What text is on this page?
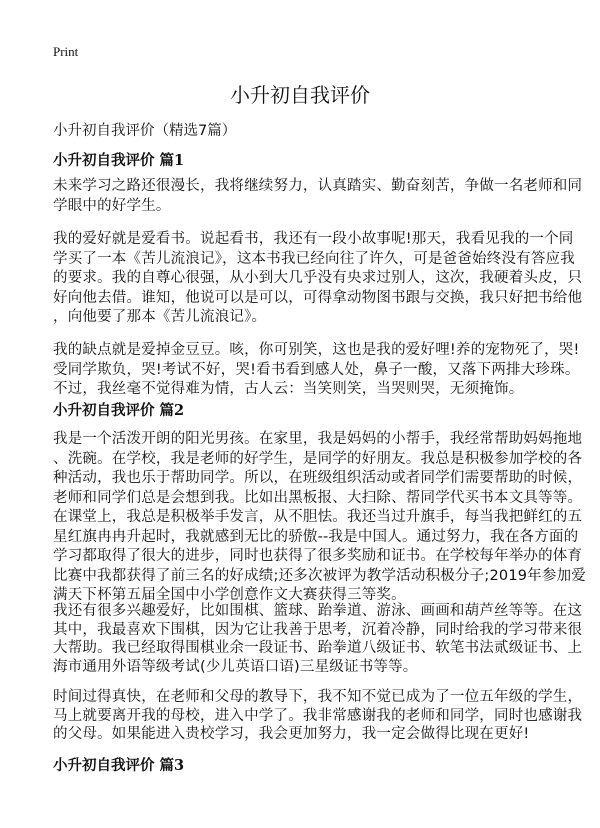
Print
小升初自我评价
小升初自我评价（精选7篇）
小升初自我评价 篇1
未来学习之路还很漫长，我将继续努力，认真踏实、勤奋刻苦，争做一名老师和同
学眼中的好学生。
我的爱好就是爱看书。说起看书，我还有一段小故事呢!那天，我看见我的一个同
学买了一本《苦儿流浪记》，这本书我已经向往了许久，可是爸爸始终没有答应我
的要求。我的自尊心很强，从小到大几乎没有央求过别人，这次，我硬着头皮，只
好向他去借。谁知，他说可以是可以，可得拿动物图书跟与交换，我只好把书给他
，向他要了那本《苦儿流浪记》。
我的缺点就是爱掉金豆豆。咳，你可别笑，这也是我的爱好哩!养的宠物死了，哭!
受同学欺负，哭!考试不好，哭!看书看到感人处，鼻子一酸，又落下两排大珍珠。
不过，我丝毫不觉得难为情，古人云：当笑则笑，当哭则哭，无须掩饰。
小升初自我评价 篇2
我是一个活泼开朗的阳光男孩。在家里，我是妈妈的小帮手，我经常帮助妈妈拖地
、洗碗。在学校，我是老师的好学生，是同学的好朋友。我总是积极参加学校的各
种活动，我也乐于帮助同学。所以，在班级组织活动或者同学们需要帮助的时候，
老师和同学们总是会想到我。比如出黑板报、大扫除、帮同学代买书本文具等等。
在课堂上，我总是积极举手发言，从不胆怯。我还当过升旗手，每当我把鲜红的五
星红旗冉冉升起时，我就感到无比的骄傲--我是中国人。通过努力，我在各方面的
学习都取得了很大的进步，同时也获得了很多奖励和证书。在学校每年举办的体育
比赛中我都获得了前三名的好成绩;还多次被评为教学活动积极分子;2019年参加爱
满天下杯第五届全国中小学创意作文大赛获得三等奖。
我还有很多兴趣爱好，比如围棋、篮球、跆拳道、游泳、画画和葫芦丝等等。在这
其中，我最喜欢下围棋，因为它让我善于思考，沉着冷静，同时给我的学习带来很
大帮助。我已经取得围棋业余一段证书、跆拳道八级证书、软笔书法贰级证书、上
海市通用外语等级考试(少儿英语口语)三星级证书等等。
时间过得真快，在老师和父母的教导下，我不知不觉已成为了一位五年级的学生，
马上就要离开我的母校，进入中学了。我非常感谢我的老师和同学，同时也感谢我
的父母。如果能进入贵校学习，我会更加努力，我一定会做得比现在更好!
小升初自我评价 篇3
